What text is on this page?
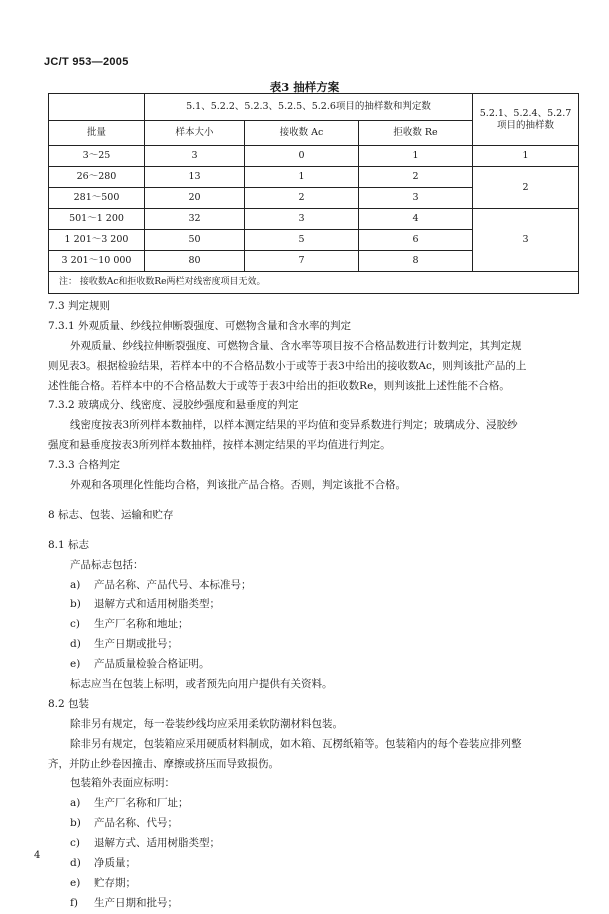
JC/T 953—2005
表3 抽样方案
	5.1、5.2.2、5.2.3、5.2.5、5.2.6项目的抽样数和判定数			5.2.1、5.2.4、5.2.7 项目的抽样数
批量	样本大小	接收数 Ac	拒收数 Re	
3～25	3	0	1	1
26～280	13	1	2	2
281～500	20	2	3	
501～1 200	32	3	4	3
1 201～3 200	50	5	6	
3 201～10 000	80	7	8	
注： 接收数Ac和拒收数Re两栏对线密度项目无效。				
7.3 判定规则
7.3.1 外观质量、纱线拉伸断裂强度、可燃物含量和含水率的判定
外观质量、纱线拉伸断裂强度、可燃物含量、含水率等项目按不合格品数进行计数判定，其判定规
则见表3。根据检验结果，若样本中的不合格品数小于或等于表3中给出的接收数Ac，则判该批产品的上
述性能合格。若样本中的不合格品数大于或等于表3中给出的拒收数Re，则判该批上述性能不合格。
7.3.2 玻璃成分、线密度、浸胶纱强度和悬垂度的判定
线密度按表3所列样本数抽样，以样本测定结果的平均值和变异系数进行判定；玻璃成分、浸胶纱
强度和悬垂度按表3所列样本数抽样，按样本测定结果的平均值进行判定。
7.3.3 合格判定
外观和各项理化性能均合格，判该批产品合格。否则，判定该批不合格。
8 标志、包装、运输和贮存
8.1 标志
产品标志包括：
a) 产品名称、产品代号、本标准号；
b) 退解方式和适用树脂类型；
c) 生产厂名称和地址；
d) 生产日期或批号；
e) 产品质量检验合格证明。
标志应当在包装上标明，或者预先向用户提供有关资料。
8.2 包装
除非另有规定，每一卷装纱线均应采用柔软防潮材料包装。
除非另有规定，包装箱应采用硬质材料制成，如木箱、瓦楞纸箱等。包装箱内的每个卷装应排列整
齐，并防止纱卷因撞击、摩擦或挤压而导致损伤。
包装箱外表面应标明：
a) 生产厂名称和厂址；
b) 产品名称、代号；
c) 退解方式、适用树脂类型；
d) 净质量；
e) 贮存期；
f) 生产日期和批号；
4
